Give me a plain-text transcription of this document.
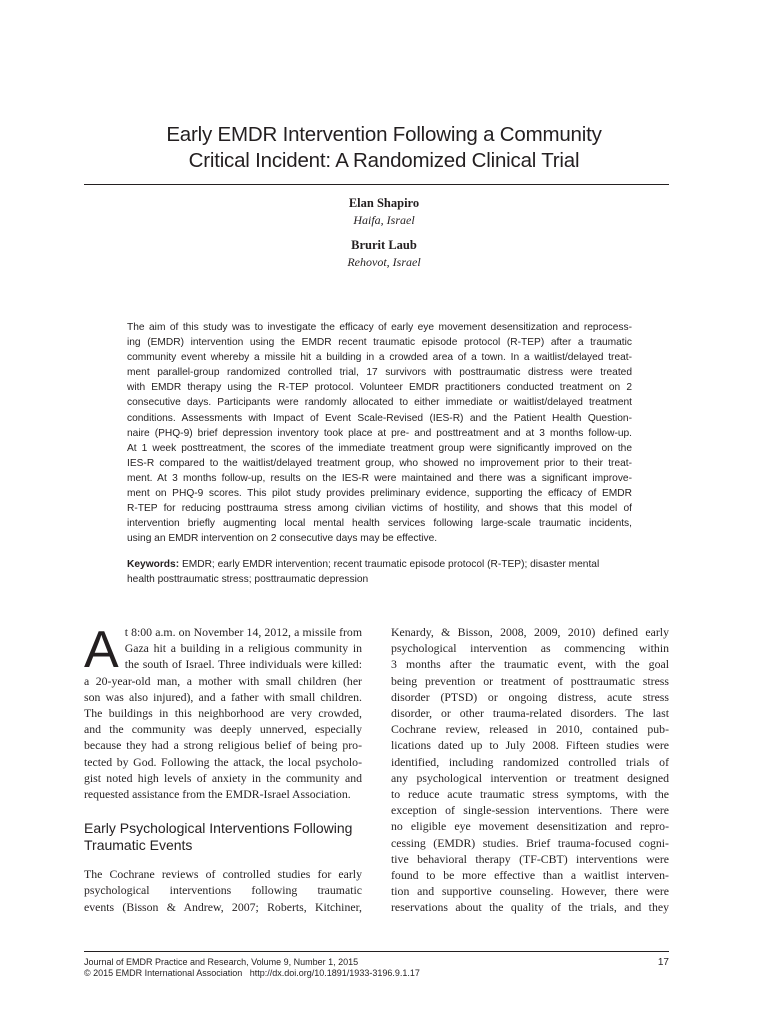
Early EMDR Intervention Following a Community
Critical Incident: A Randomized Clinical Trial
Elan Shapiro
Haifa, Israel
Brurit Laub
Rehovot, Israel
The aim of this study was to investigate the efficacy of early eye movement desensitization and reprocess-
ing (EMDR) intervention using the EMDR recent traumatic episode protocol (R-TEP) after a traumatic
community event whereby a missile hit a building in a crowded area of a town. In a waitlist/delayed treat-
ment parallel-group randomized controlled trial, 17 survivors with posttraumatic distress were treated
with EMDR therapy using the R-TEP protocol. Volunteer EMDR practitioners conducted treatment on 2
consecutive days. Participants were randomly allocated to either immediate or waitlist/delayed treatment
conditions. Assessments with Impact of Event Scale-Revised (IES-R) and the Patient Health Question-
naire (PHQ-9) brief depression inventory took place at pre- and posttreatment and at 3 months follow-up.
At 1 week posttreatment, the scores of the immediate treatment group were significantly improved on the
IES-R compared to the waitlist/delayed treatment group, who showed no improvement prior to their treat-
ment. At 3 months follow-up, results on the IES-R were maintained and there was a significant improve-
ment on PHQ-9 scores. This pilot study provides preliminary evidence, supporting the efficacy of EMDR
R-TEP for reducing posttrauma stress among civilian victims of hostility, and shows that this model of
intervention briefly augmenting local mental health services following large-scale traumatic incidents,
using an EMDR intervention on 2 consecutive days may be effective.
Keywords: EMDR; early EMDR intervention; recent traumatic episode protocol (R-TEP); disaster mental
health posttraumatic stress; posttraumatic depression
A t 8:00 a.m. on November 14, 2012, a missile from
Gaza hit a building in a religious community in
the south of Israel. Three individuals were killed:
a 20-year-old man, a mother with small children (her
son was also injured), and a father with small children.
The buildings in this neighborhood are very crowded,
and the community was deeply unnerved, especially
because they had a strong religious belief of being pro-
tected by God. Following the attack, the local psycholo-
gist noted high levels of anxiety in the community and
requested assistance from the EMDR-Israel Association.
Early Psychological Interventions Following
Traumatic Events
The Cochrane reviews of controlled studies for early
psychological interventions following traumatic
events (Bisson & Andrew, 2007; Roberts, Kitchiner,
Kenardy, & Bisson, 2008, 2009, 2010) defined early
psychological intervention as commencing within
3 months after the traumatic event, with the goal
being prevention or treatment of posttraumatic stress
disorder (PTSD) or ongoing distress, acute stress
disorder, or other trauma-related disorders. The last
Cochrane review, released in 2010, contained pub-
lications dated up to July 2008. Fifteen studies were
identified, including randomized controlled trials of
any psychological intervention or treatment designed
to reduce acute traumatic stress symptoms, with the
exception of single-session interventions. There were
no eligible eye movement desensitization and repro-
cessing (EMDR) studies. Brief trauma-focused cogni-
tive behavioral therapy (TF-CBT) interventions were
found to be more effective than a waitlist interven-
tion and supportive counseling. However, there were
reservations about the quality of the trials, and they
Journal of EMDR Practice and Research, Volume 9, Number 1, 2015
© 2015 EMDR International Association http://dx.doi.org/10.1891/1933-3196.9.1.17
17
